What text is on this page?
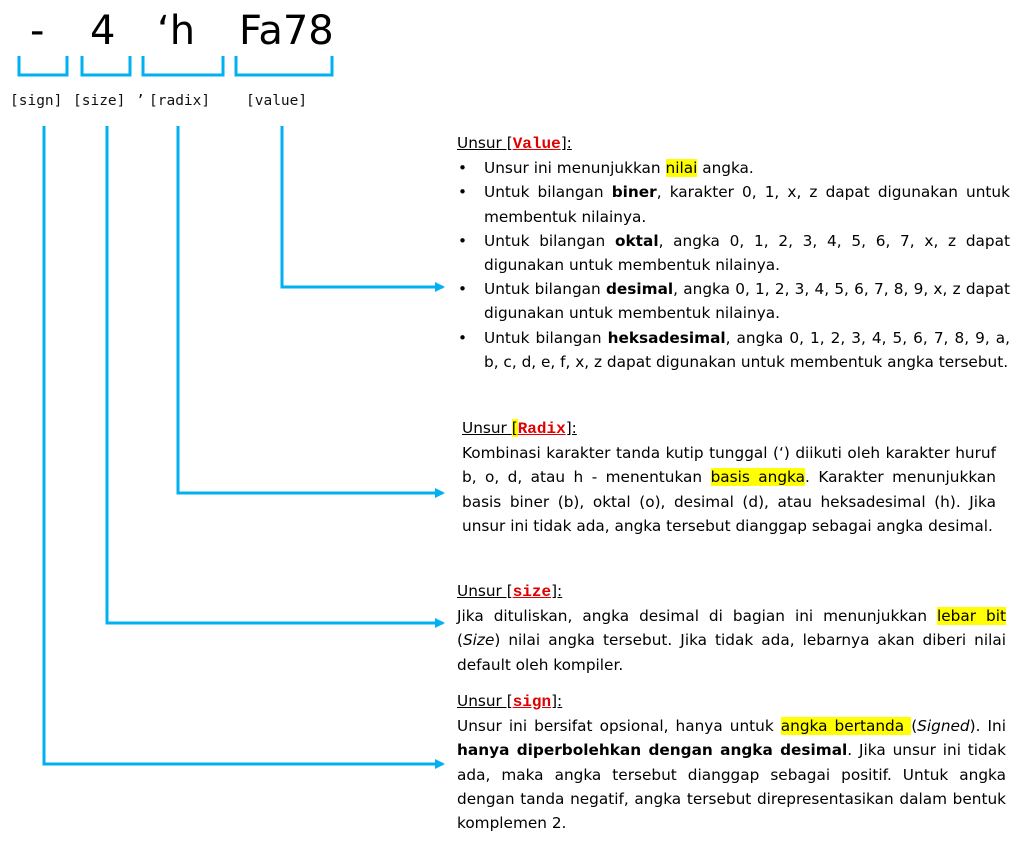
- 4 ‘h Fa78
[sign] [size] ’ [radix] [value]
Unsur [Value]:
• Unsur ini menunjukkan nilai angka.
• Untuk bilangan biner, karakter 0, 1, x, z dapat digunakan untuk membentuk nilainya.
• Untuk bilangan oktal, angka 0, 1, 2, 3, 4, 5, 6, 7, x, z dapat digunakan untuk membentuk nilainya.
• Untuk bilangan desimal, angka 0, 1, 2, 3, 4, 5, 6, 7, 8, 9, x, z dapat digunakan untuk membentuk nilainya.
• Untuk bilangan heksadesimal, angka 0, 1, 2, 3, 4, 5, 6, 7, 8, 9, a, b, c, d, e, f, x, z dapat digunakan untuk membentuk angka tersebut.
Unsur [Radix]:
Kombinasi karakter tanda kutip tunggal (‘) diikuti oleh karakter huruf b, o, d, atau h - menentukan basis angka. Karakter menunjukkan basis biner (b), oktal (o), desimal (d), atau heksadesimal (h). Jika unsur ini tidak ada, angka tersebut dianggap sebagai angka desimal.
Unsur [size]:
Jika dituliskan, angka desimal di bagian ini menunjukkan lebar bit (Size) nilai angka tersebut. Jika tidak ada, lebarnya akan diberi nilai default oleh kompiler.
Unsur [sign]:
Unsur ini bersifat opsional, hanya untuk angka bertanda (Signed). Ini hanya diperbolehkan dengan angka desimal. Jika unsur ini tidak ada, maka angka tersebut dianggap sebagai positif. Untuk angka dengan tanda negatif, angka tersebut direpresentasikan dalam bentuk komplemen 2.
